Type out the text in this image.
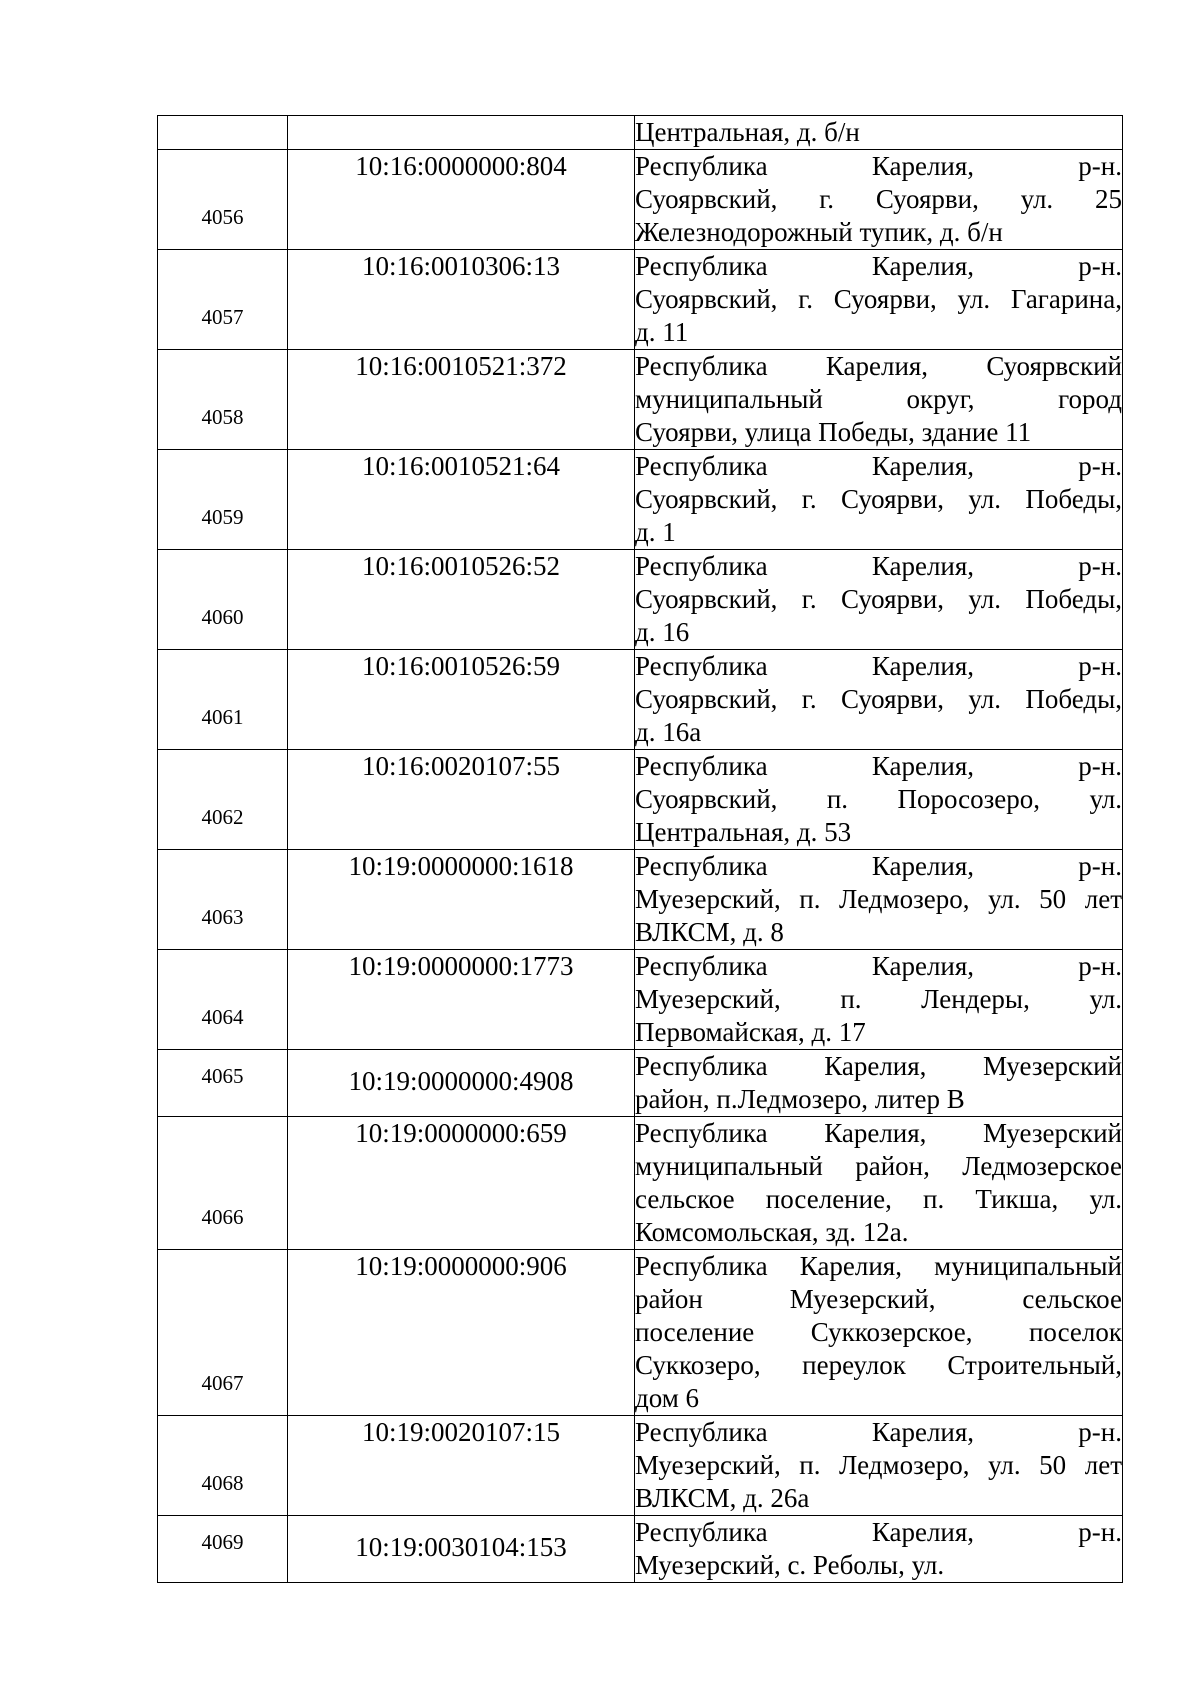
		Центральная, д. б/н

4056	10:16:0000000:804	Республика Карелия, р-н.
Суоярвский, г. Суоярви, ул. 25
Железнодорожный тупик, д. б/н

4057	10:16:0010306:13	Республика Карелия, р-н.
Суоярвский, г. Суоярви, ул. Гагарина,
д. 11

4058	10:16:0010521:372	Республика Карелия, Суоярвский
муниципальный округ, город
Суоярви, улица Победы, здание 11

4059	10:16:0010521:64	Республика Карелия, р-н.
Суоярвский, г. Суоярви, ул. Победы,
д. 1

4060	10:16:0010526:52	Республика Карелия, р-н.
Суоярвский, г. Суоярви, ул. Победы,
д. 16

4061	10:16:0010526:59	Республика Карелия, р-н.
Суоярвский, г. Суоярви, ул. Победы,
д. 16а

4062	10:16:0020107:55	Республика Карелия, р-н.
Суоярвский, п. Поросозеро, ул.
Центральная, д. 53

4063	10:19:0000000:1618	Республика Карелия, р-н.
Муезерский, п. Ледмозеро, ул. 50 лет
ВЛКСМ, д. 8

4064	10:19:0000000:1773	Республика Карелия, р-н.
Муезерский, п. Лендеры, ул.
Первомайская, д. 17

4065	10:19:0000000:4908	Республика Карелия, Муезерский
район, п.Ледмозеро, литер В

4066	10:19:0000000:659	Республика Карелия, Муезерский
муниципальный район, Ледмозерское
сельское поселение, п. Тикша, ул.
Комсомольская, зд. 12а.

4067	10:19:0000000:906	Республика Карелия, муниципальный
район Муезерский, сельское
поселение Суккозерское, поселок
Суккозеро, переулок Строительный,
дом 6

4068	10:19:0020107:15	Республика Карелия, р-н.
Муезерский, п. Ледмозеро, ул. 50 лет
ВЛКСМ, д. 26а

4069	10:19:0030104:153	Республика Карелия, р-н.
Муезерский, с. Реболы, ул.
